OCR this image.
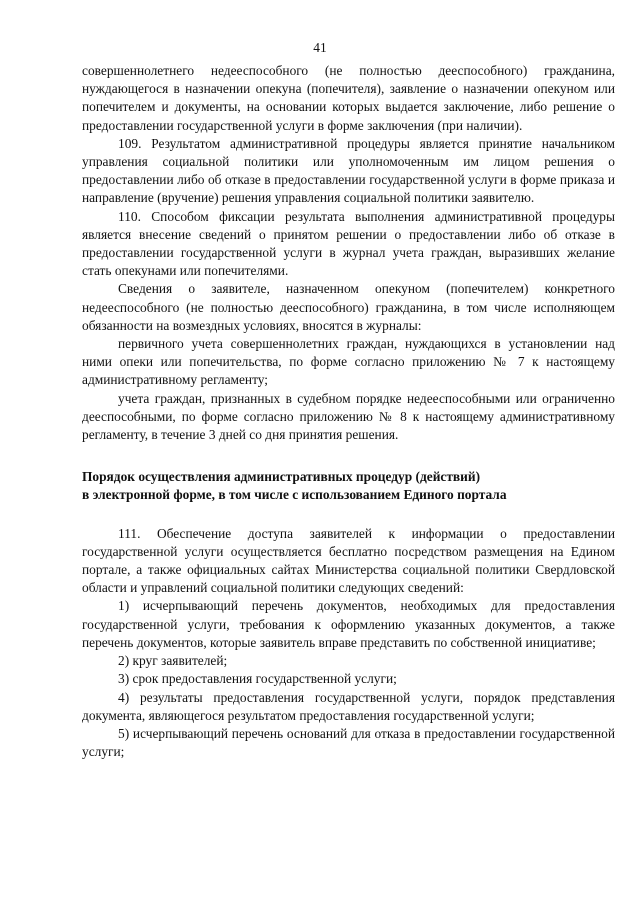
41

совершеннолетнего недееспособного (не полностью дееспособного) гражданина, нуждающегося в назначении опекуна (попечителя), заявление о назначении опекуном или попечителем и документы, на основании которых выдается заключение, либо решение о предоставлении государственной услуги в форме заключения (при наличии).

109. Результатом административной процедуры является принятие начальником управления социальной политики или уполномоченным им лицом решения о предоставлении либо об отказе в предоставлении государственной услуги в форме приказа и направление (вручение) решения управления социальной политики заявителю.

110. Способом фиксации результата выполнения административной процедуры является внесение сведений о принятом решении о предоставлении либо об отказе в предоставлении государственной услуги в журнал учета граждан, выразивших желание стать опекунами или попечителями.

Сведения о заявителе, назначенном опекуном (попечителем) конкретного недееспособного (не полностью дееспособного) гражданина, в том числе исполняющем обязанности на возмездных условиях, вносятся в журналы:

первичного учета совершеннолетних граждан, нуждающихся в установлении над ними опеки или попечительства, по форме согласно приложению № 7 к настоящему административному регламенту;

учета граждан, признанных в судебном порядке недееспособными или ограниченно дееспособными, по форме согласно приложению № 8 к настоящему административному регламенту, в течение 3 дней со дня принятия решения.

Порядок осуществления административных процедур (действий)

в электронной форме, в том числе с использованием Единого портала

111. Обеспечение доступа заявителей к информации о предоставлении государственной услуги осуществляется бесплатно посредством размещения на Едином портале, а также официальных сайтах Министерства социальной политики Свердловской области и управлений социальной политики следующих сведений:

1) исчерпывающий перечень документов, необходимых для предоставления государственной услуги, требования к оформлению указанных документов, а также перечень документов, которые заявитель вправе представить по собственной инициативе;

2) круг заявителей;

3) срок предоставления государственной услуги;

4) результаты предоставления государственной услуги, порядок представления документа, являющегося результатом предоставления государственной услуги;

5) исчерпывающий перечень оснований для отказа в предоставлении государственной услуги;
